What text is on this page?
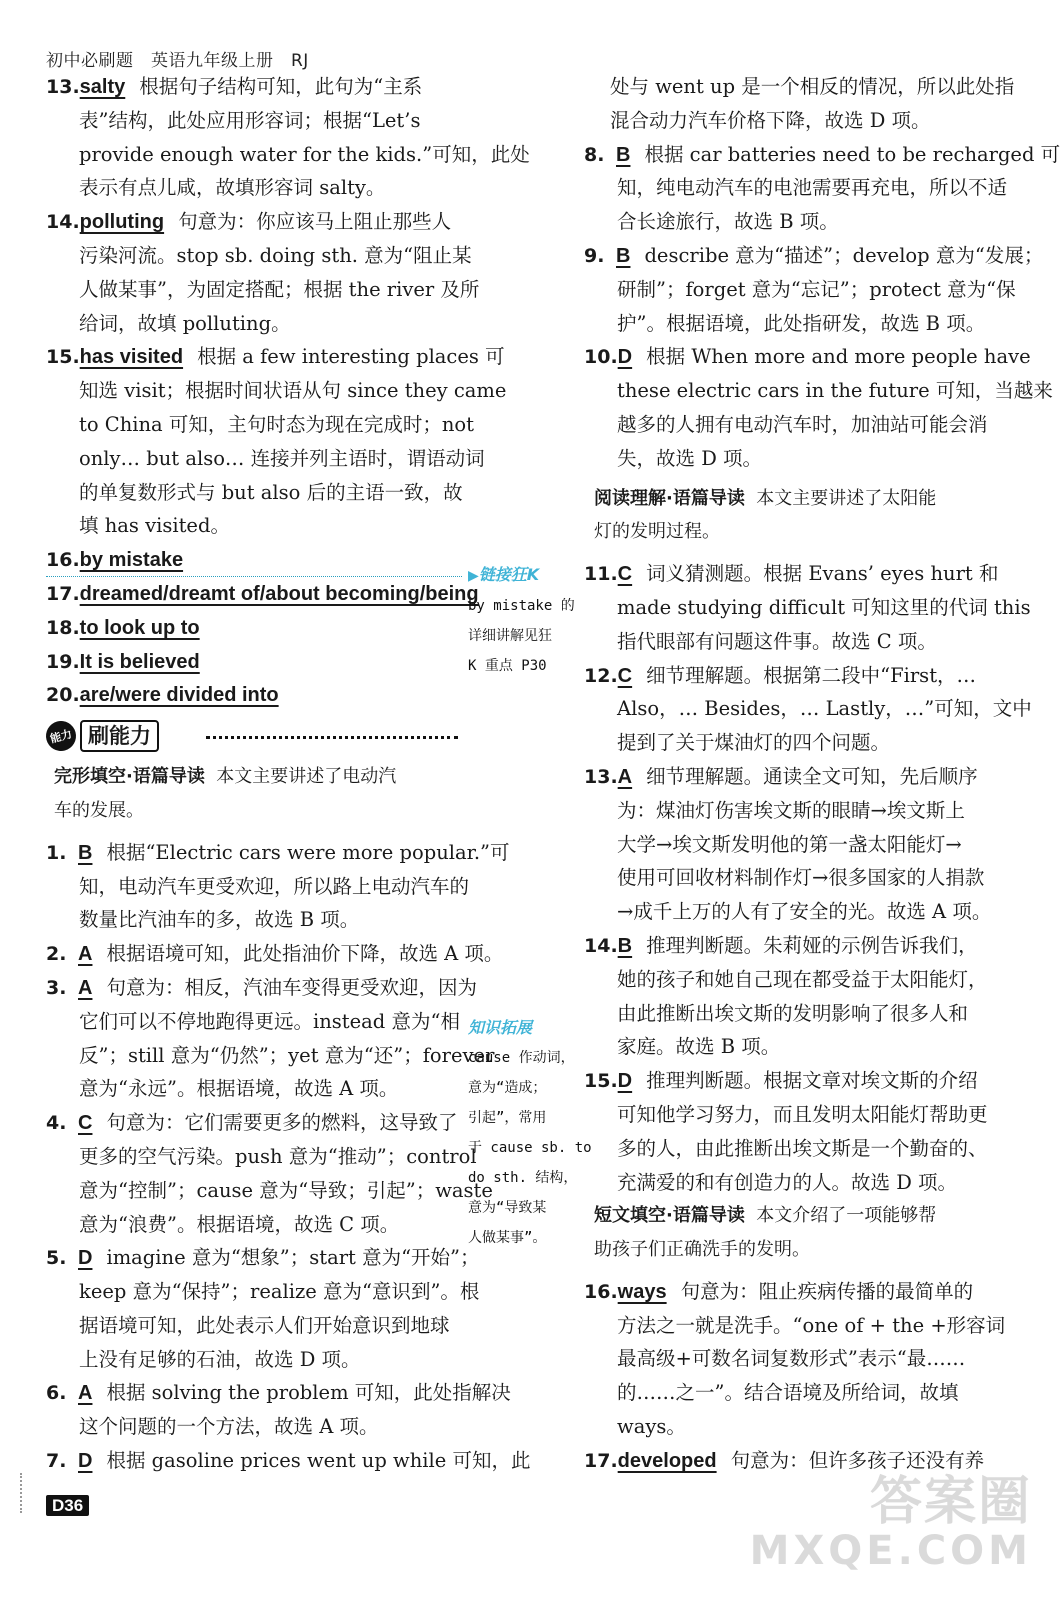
初中必刷题　英语九年级上册　RJ
13.salty 根据句子结构可知，此句为“主系
表”结构，此处应用形容词；根据“Let’s
provide enough water for the kids.”可知，此处
表示有点儿咸，故填形容词 salty。
14.polluting 句意为：你应该马上阻止那些人
污染河流。stop sb. doing sth. 意为“阻止某
人做某事”，为固定搭配；根据 the river 及所
给词，故填 polluting。
15.has visited 根据 a few interesting places 可
知选 visit；根据时间状语从句 since they came
to China 可知，主句时态为现在完成时；not
only… but also… 连接并列主语时，谓语动词
的单复数形式与 but also 后的主语一致，故
填 has visited。
16.by mistake
17.dreamed/dreamt of/about becoming/being
18.to look up to
19.It is believed
20.are/were divided into
能力 刷能力
完形填空·语篇导读 本文主要讲述了电动汽
车的发展。
1. B 根据“Electric cars were more popular.”可
知，电动汽车更受欢迎，所以路上电动汽车的
数量比汽油车的多，故选 B 项。
2. A 根据语境可知，此处指油价下降，故选 A 项。
3. A 句意为：相反，汽油车变得更受欢迎，因为
它们可以不停地跑得更远。instead 意为“相
反”；still 意为“仍然”；yet 意为“还”；forever
意为“永远”。根据语境，故选 A 项。
4. C 句意为：它们需要更多的燃料，这导致了
更多的空气污染。push 意为“推动”；control
意为“控制”；cause 意为“导致；引起”；waste
意为“浪费”。根据语境，故选 C 项。
5. D imagine 意为“想象”；start 意为“开始”；
keep 意为“保持”；realize 意为“意识到”。根
据语境可知，此处表示人们开始意识到地球
上没有足够的石油，故选 D 项。
6. A 根据 solving the problem 可知，此处指解决
这个问题的一个方法，故选 A 项。
7. D 根据 gasoline prices went up while 可知，此
▶链接狂K
by mistake 的
详细讲解见狂
K 重点 P30
知识拓展
cause 作动词，
意为“造成；
引起”，常用
于 cause sb. to
do sth. 结构，
意为“导致某
人做某事”。
处与 went up 是一个相反的情况，所以此处指
混合动力汽车价格下降，故选 D 项。
8. B 根据 car batteries need to be recharged 可
知，纯电动汽车的电池需要再充电，所以不适
合长途旅行，故选 B 项。
9. B describe 意为“描述”；develop 意为“发展；
研制”；forget 意为“忘记”；protect 意为“保
护”。根据语境，此处指研发，故选 B 项。
10.D 根据 When more and more people have
these electric cars in the future 可知，当越来
越多的人拥有电动汽车时，加油站可能会消
失，故选 D 项。
阅读理解·语篇导读 本文主要讲述了太阳能
灯的发明过程。
11.C 词义猜测题。根据 Evans’ eyes hurt 和
made studying difficult 可知这里的代词 this
指代眼部有问题这件事。故选 C 项。
12.C 细节理解题。根据第二段中“First，…
Also，… Besides，… Lastly，…”可知，文中
提到了关于煤油灯的四个问题。
13.A 细节理解题。通读全文可知，先后顺序
为：煤油灯伤害埃文斯的眼睛→埃文斯上
大学→埃文斯发明他的第一盏太阳能灯→
使用可回收材料制作灯→很多国家的人捐款
→成千上万的人有了安全的光。故选 A 项。
14.B 推理判断题。朱莉娅的示例告诉我们，
她的孩子和她自己现在都受益于太阳能灯，
由此推断出埃文斯的发明影响了很多人和
家庭。故选 B 项。
15.D 推理判断题。根据文章对埃文斯的介绍
可知他学习努力，而且发明太阳能灯帮助更
多的人，由此推断出埃文斯是一个勤奋的、
充满爱的和有创造力的人。故选 D 项。
短文填空·语篇导读 本文介绍了一项能够帮
助孩子们正确洗手的发明。
16.ways 句意为：阻止疾病传播的最简单的
方法之一就是洗手。“one of + the +形容词
最高级+可数名词复数形式”表示“最……
的……之一”。结合语境及所给词，故填
ways。
17.developed 句意为：但许多孩子还没有养
D36	答案圈
MXQE.COM
